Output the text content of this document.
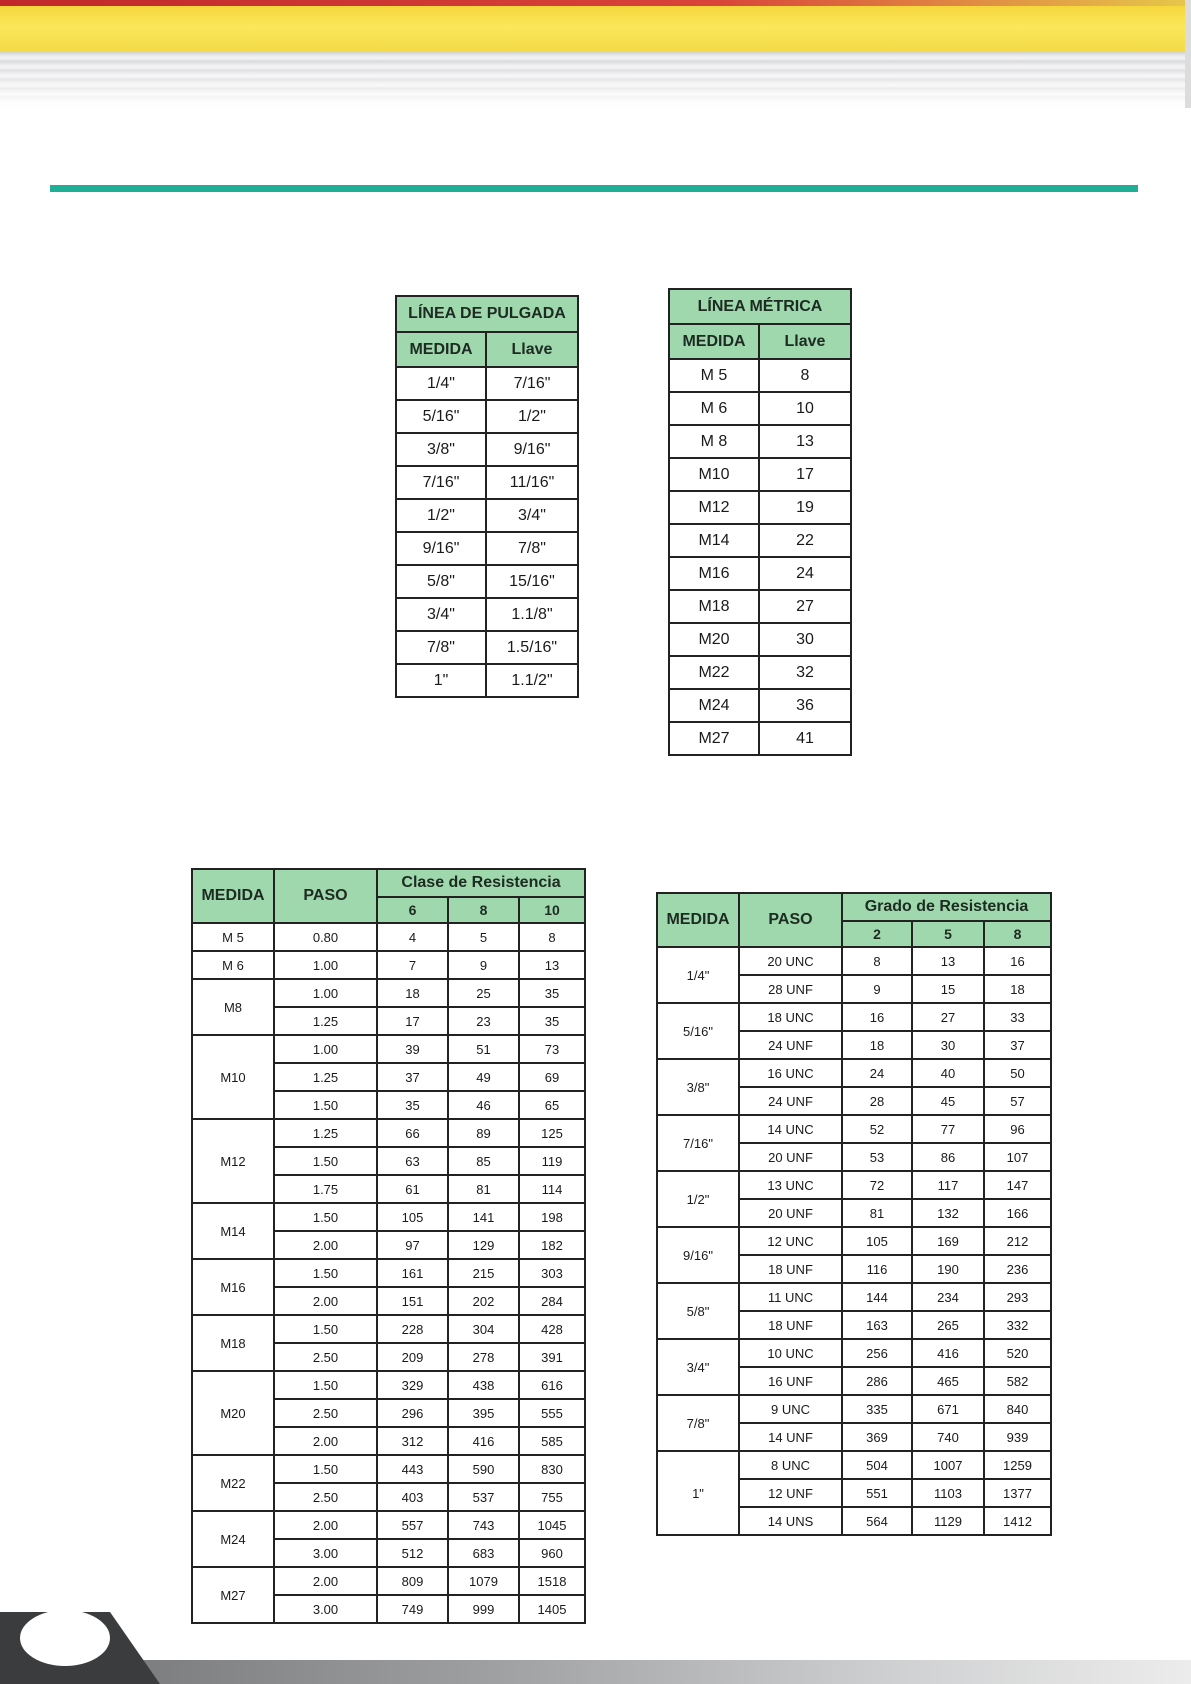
LÍNEA DE PULGADA	
MEDIDA	Llave
1/4"	7/16"
5/16"	1/2"
3/8"	9/16"
7/16"	11/16"
1/2"	3/4"
9/16"	7/8"
5/8"	15/16"
3/4"	1.1/8"
7/8"	1.5/16"
1"	1.1/2"
LÍNEA MÉTRICA	
MEDIDA	Llave
M 5	8
M 6	10
M 8	13
M10	17
M12	19
M14	22
M16	24
M18	27
M20	30
M22	32
M24	36
M27	41
MEDIDA	PASO	Clase de Resistencia		
		6	8	10
M 5	0.80	4	5	8
M 6	1.00	7	9	13
M8	1.00	18	25	35
	1.25	17	23	35
M10	1.00	39	51	73
	1.25	37	49	69
	1.50	35	46	65
M12	1.25	66	89	125
	1.50	63	85	119
	1.75	61	81	114
M14	1.50	105	141	198
	2.00	97	129	182
M16	1.50	161	215	303
	2.00	151	202	284
M18	1.50	228	304	428
	2.50	209	278	391
M20	1.50	329	438	616
	2.50	296	395	555
	2.00	312	416	585
M22	1.50	443	590	830
	2.50	403	537	755
M24	2.00	557	743	1045
	3.00	512	683	960
M27	2.00	809	1079	1518
	3.00	749	999	1405
MEDIDA	PASO	Grado de Resistencia		
		2	5	8
1/4"	20 UNC	8	13	16
	28 UNF	9	15	18
5/16"	18 UNC	16	27	33
	24 UNF	18	30	37
3/8"	16 UNC	24	40	50
	24 UNF	28	45	57
7/16"	14 UNC	52	77	96
	20 UNF	53	86	107
1/2"	13 UNC	72	117	147
	20 UNF	81	132	166
9/16"	12 UNC	105	169	212
	18 UNF	116	190	236
5/8"	11 UNC	144	234	293
	18 UNF	163	265	332
3/4"	10 UNC	256	416	520
	16 UNF	286	465	582
7/8"	9 UNC	335	671	840
	14 UNF	369	740	939
1"	8 UNC	504	1007	1259
	12 UNF	551	1103	1377
	14 UNS	564	1129	1412
